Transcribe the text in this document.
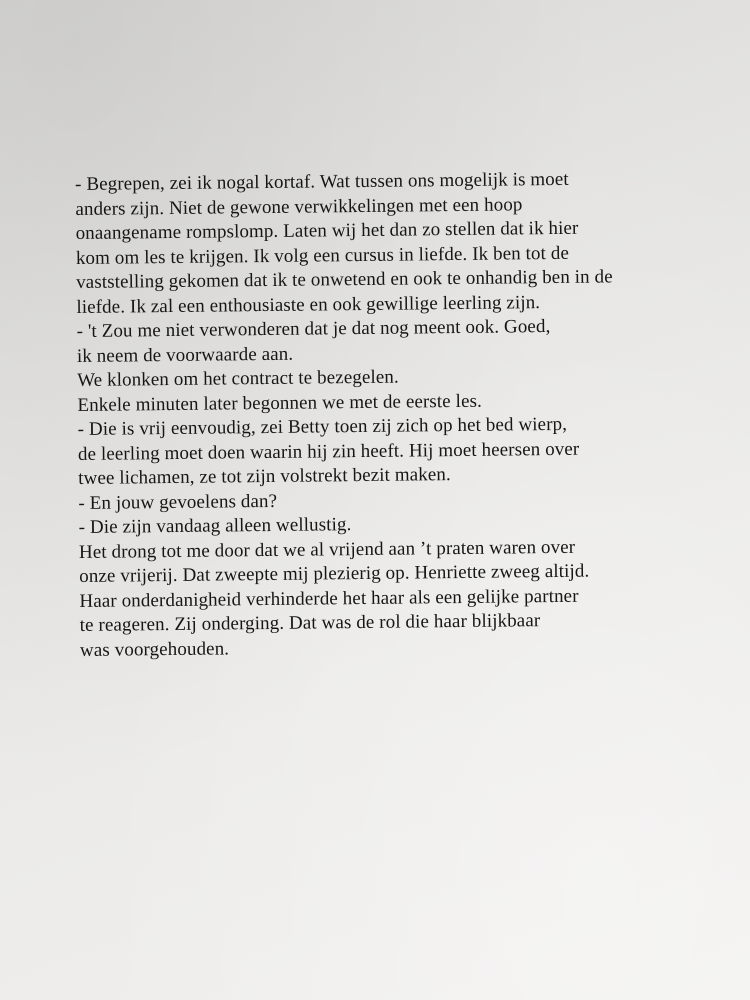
- Begrepen, zei ik nogal kortaf. Wat tussen ons mogelijk is moet
anders zijn. Niet de gewone verwikkelingen met een hoop
onaangename rompslomp. Laten wij het dan zo stellen dat ik hier
kom om les te krijgen. Ik volg een cursus in liefde. Ik ben tot de
vaststelling gekomen dat ik te onwetend en ook te onhandig ben in de
liefde. Ik zal een enthousiaste en ook gewillige leerling zijn.
- 't Zou me niet verwonderen dat je dat nog meent ook. Goed,
ik neem de voorwaarde aan.
We klonken om het contract te bezegelen.
Enkele minuten later begonnen we met de eerste les.
- Die is vrij eenvoudig, zei Betty toen zij zich op het bed wierp,
de leerling moet doen waarin hij zin heeft. Hij moet heersen over
twee lichamen, ze tot zijn volstrekt bezit maken.
- En jouw gevoelens dan?
- Die zijn vandaag alleen wellustig.
Het drong tot me door dat we al vrijend aan ’t praten waren over
onze vrijerij. Dat zweepte mij plezierig op. Henriette zweeg altijd.
Haar onderdanigheid verhinderde het haar als een gelijke partner
te reageren. Zij onderging. Dat was de rol die haar blijkbaar
was voorgehouden.
